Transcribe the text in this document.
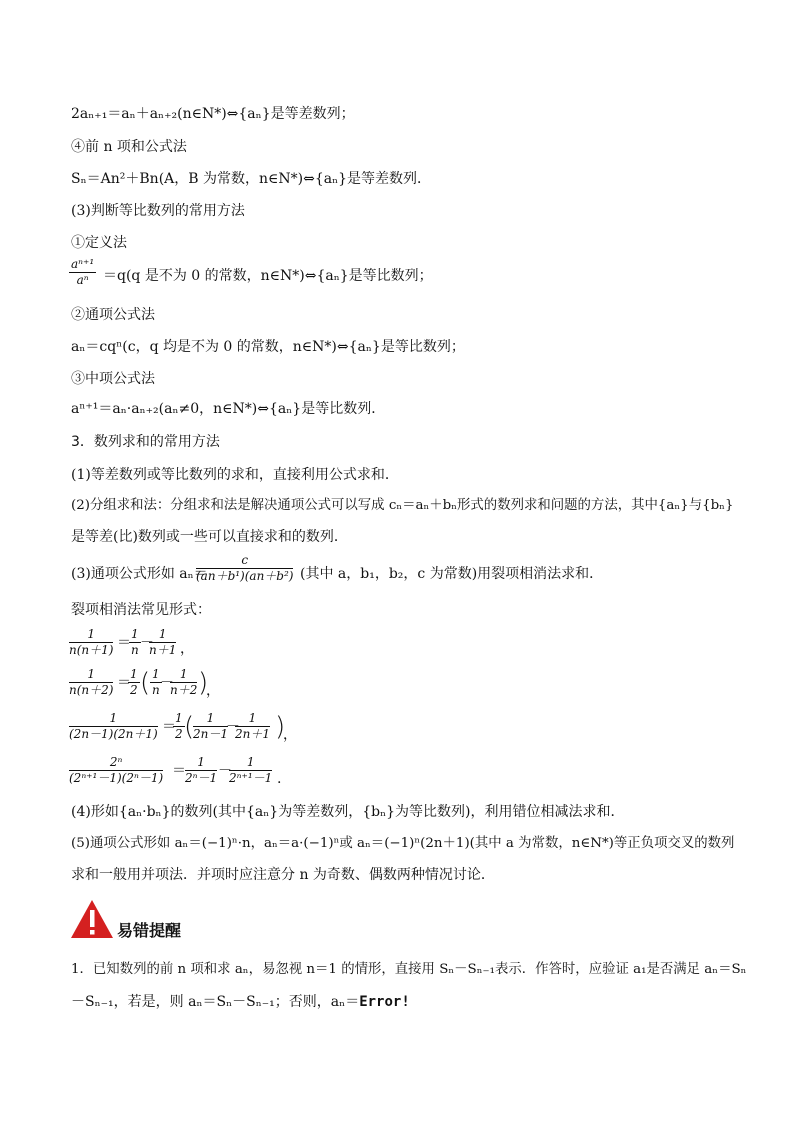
2aₙ₊₁＝aₙ＋aₙ₊₂(n∈N*)⇔{aₙ}是等差数列；
④前 n 项和公式法
Sₙ＝An²＋Bn(A，B 为常数，n∈N*)⇔{aₙ}是等差数列．
(3)判断等比数列的常用方法
①定义法
$\frac{\text{aⁿ⁺¹}}{\text{aⁿ}} =q(q$ 是不为 0 的常数，n∈N*)⇔{aₙ}是等比数列；
②通项公式法
aₙ＝cqⁿ(c，q 均是不为 0 的常数，n∈N*)⇔{aₙ}是等比数列；
③中项公式法
aⁿ⁺¹＝aₙ·aₙ₊₂(aₙ≠0，n∈N*)⇔{aₙ}是等比数列．
3．数列求和的常用方法
(1)等差数列或等比数列的求和，直接利用公式求和．
(2)分组求和法：分组求和法是解决通项公式可以写成 cₙ＝aₙ＋bₙ形式的数列求和问题的方法，其中{aₙ}与{bₙ}
是等差(比)数列或一些可以直接求和的数列．
(3)通项公式形如 aₙ＝
$\frac{c}{\text{(an＋b¹)(an＋b²)}}$ (其中 a，b₁，b₂，c 为常数)用裂项相消法求和．
裂项相消法常见形式：
$\frac{1}{n(n+1)}$ ＝
$\frac{1}{n}$ －
$\frac{1}{n+1}$ ，
$\frac{1}{n(n+2)}$ ＝
$\frac{1}{2}$ ( $\frac{1}{n}$
－
$\frac{1}{n+2}$ )
，
$\frac{1}{(2n-1)(2n+1)}$ ＝
$\frac{1}{2}$ (
$\frac{1}{2n-1}$
－
$\frac{1}{2n+1}$ )
，
$\frac{\text{2ⁿ}}{\text{(2ⁿ⁺¹－1)(2ⁿ－1)}} = \frac{1}{\text{2ⁿ－1}}$ －
$\frac{1}{\text{2ⁿ⁺¹－1}}$ .
(4)形如{aₙ·bₙ}的数列(其中{aₙ}为等差数列，{bₙ}为等比数列)，利用错位相减法求和．
(5)通项公式形如 aₙ＝(−1)ⁿ·n，aₙ＝a·(−1)ⁿ或 aₙ＝(−1)ⁿ(2n＋1)(其中 a 为常数，n∈N*)等正负项交叉的数列
求和一般用并项法．并项时应注意分 n 为奇数、偶数两种情况讨论．
易错提醒
1．已知数列的前 n 项和求 aₙ，易忽视 n＝1 的情形，直接用 Sₙ－Sₙ₋₁表示．作答时，应验证 a₁是否满足 aₙ＝Sₙ
－Sₙ₋₁，若是，则 aₙ＝Sₙ－Sₙ₋₁；否则，aₙ＝Error!
